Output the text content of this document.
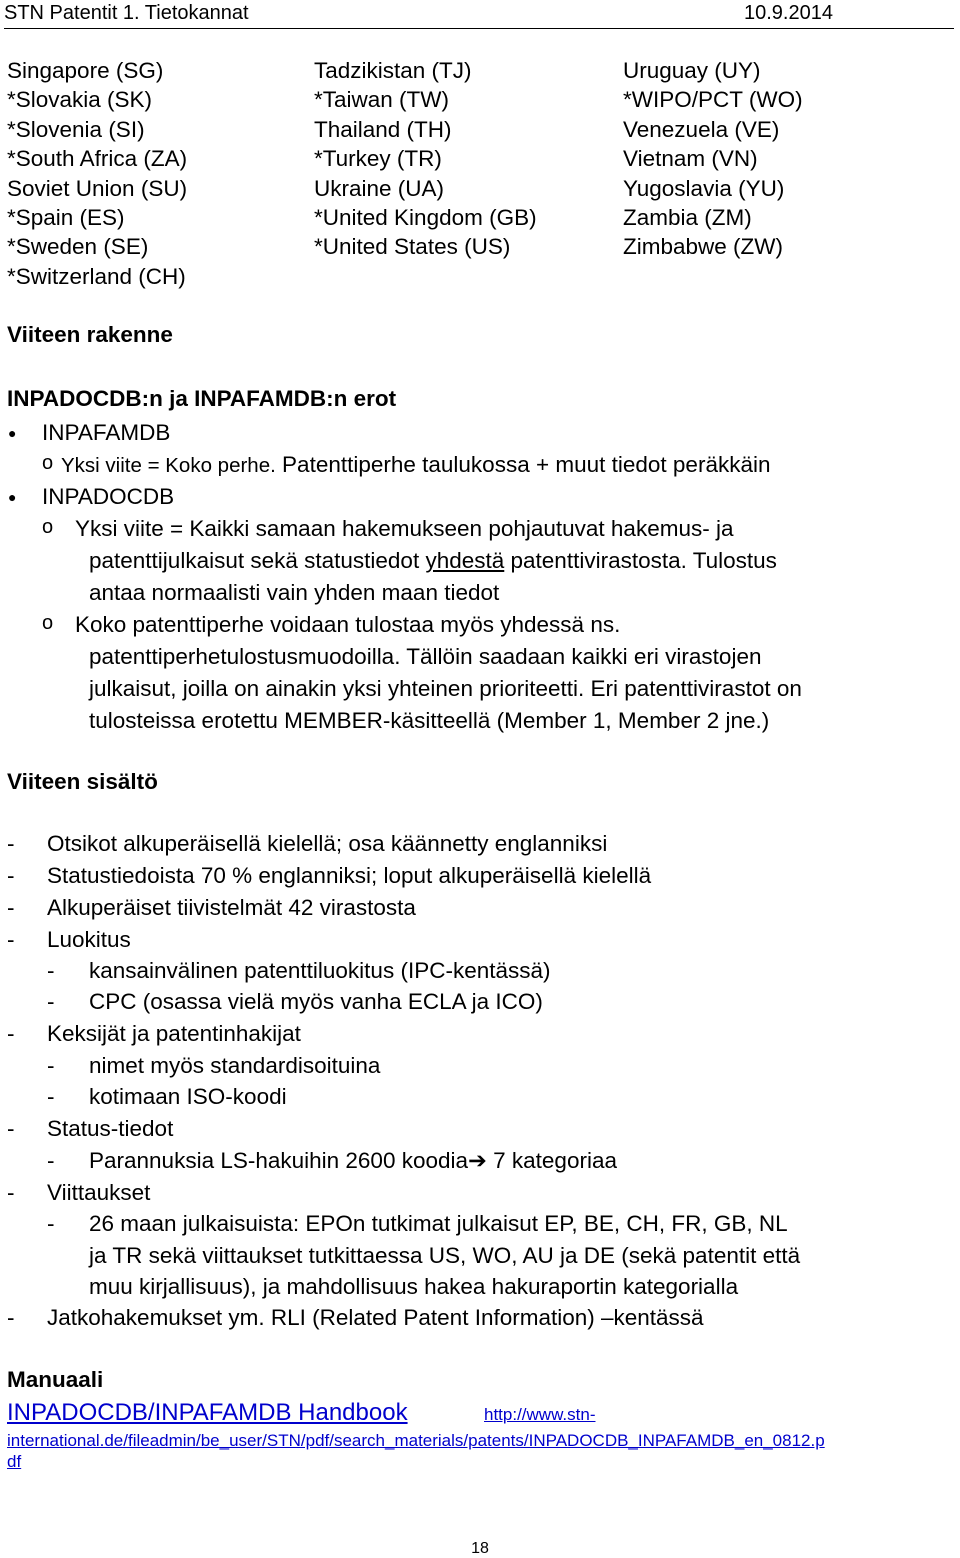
STN Patentit 1. Tietokannat	10.9.2014
Singapore (SG)
*Slovakia (SK)
*Slovenia (SI)
*South Africa (ZA)
Soviet Union (SU)
*Spain (ES)
*Sweden (SE)
*Switzerland (CH)
Tadzikistan (TJ)
*Taiwan (TW)
Thailand (TH)
*Turkey (TR)
Ukraine (UA)
*United Kingdom (GB)
*United States (US)
Uruguay (UY)
*WIPO/PCT (WO)
Venezuela (VE)
Vietnam (VN)
Yugoslavia (YU)
Zambia (ZM)
Zimbabwe (ZW)
Viiteen rakenne
INPADOCDB:n ja INPAFAMDB:n erot
● INPAFAMDB
o Yksi viite = Koko perhe. Patenttiperhe taulukossa + muut tiedot peräkkäin
● INPADOCDB
o Yksi viite = Kaikki samaan hakemukseen pohjautuvat hakemus- ja
patenttijulkaisut sekä statustiedot yhdestä patenttivirastosta. Tulostus
antaa normaalisti vain yhden maan tiedot
o Koko patenttiperhe voidaan tulostaa myös yhdessä ns.
patenttiperhetulostusmuodoilla. Tällöin saadaan kaikki eri virastojen
julkaisut, joilla on ainakin yksi yhteinen prioriteetti. Eri patenttivirastot on
tulosteissa erotettu MEMBER-käsitteellä (Member 1, Member 2 jne.)
Viiteen sisältö
- Otsikot alkuperäisellä kielellä; osa käännetty englanniksi
- Statustiedoista 70 % englanniksi; loput alkuperäisellä kielellä
- Alkuperäiset tiivistelmät 42 virastosta
- Luokitus
- kansainvälinen patenttiluokitus (IPC-kentässä)
- CPC (osassa vielä myös vanha ECLA ja ICO)
- Keksijät ja patentinhakijat
- nimet myös standardisoituina
- kotimaan ISO-koodi
- Status-tiedot
- Parannuksia LS-hakuihin 2600 koodia➔ 7 kategoriaa
- Viittaukset
- 26 maan julkaisuista: EPOn tutkimat julkaisut EP, BE, CH, FR, GB, NL
ja TR sekä viittaukset tutkittaessa US, WO, AU ja DE (sekä patentit että
muu kirjallisuus), ja mahdollisuus hakea hakuraportin kategorialla
- Jatkohakemukset ym. RLI (Related Patent Information) –kentässä
Manuaali
INPADOCDB/INPAFAMDB Handbook	http://www.stn-
international.de/fileadmin/be_user/STN/pdf/search_materials/patents/INPADOCDB_INPAFAMDB_en_0812.p
df
18
